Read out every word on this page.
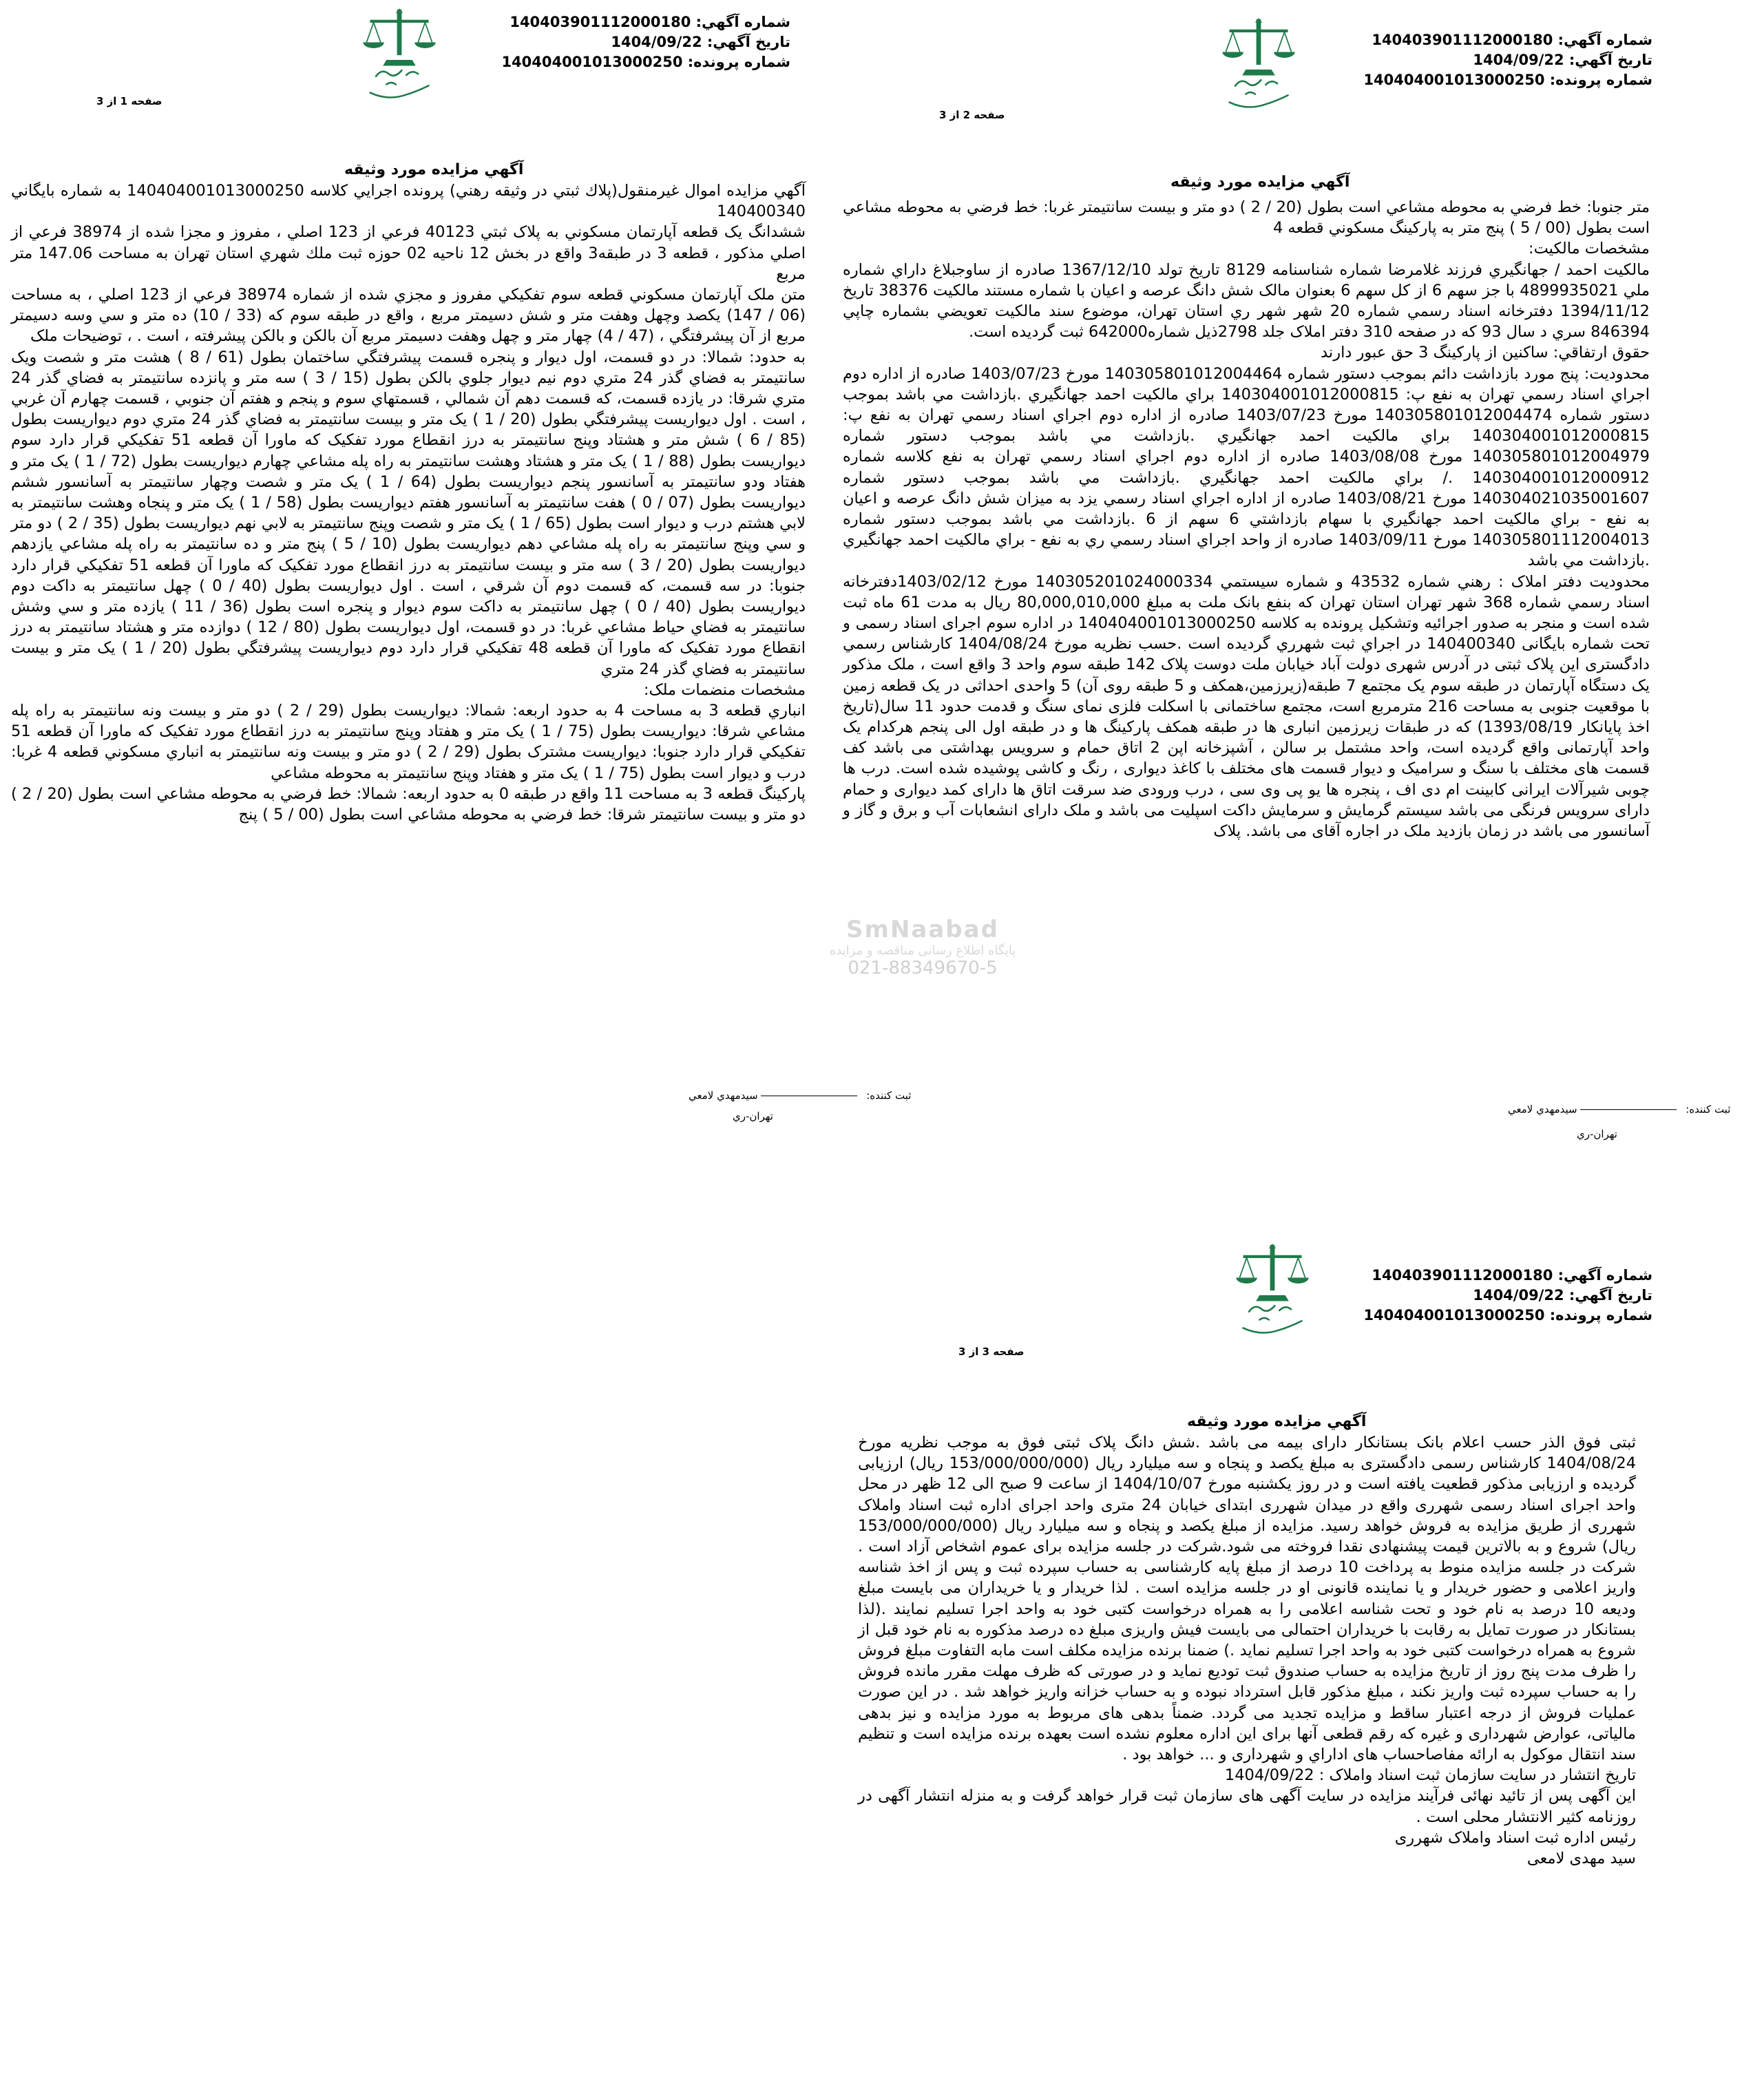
شماره آگهي: 140403901112000180
تاريخ آگهي: 1404/09/22
شماره پرونده: 140404001013000250
صفحه 1 از 3
آگهي مزايده مورد وثيقه

آگهي مزايده اموال غيرمنقول(پلاك ثبتي در وثيقه رهني) پرونده اجرايي كلاسه 140404001013000250 به شماره بايگاني 140400340

ششدانگ يک قطعه آپارتمان مسکوني به پلاک ثبتي 40123 فرعي از 123 اصلي ، مفروز و مجزا شده از 38974 فرعي از اصلي مذکور ، قطعه 3 در طبقه3 واقع در بخش 12 ناحيه 02 حوزه ثبت ملك شهري استان تهران به مساحت 147.06 متر مربع

متن ملک آپارتمان مسکوني قطعه سوم تفکيکي مفروز و مجزي شده از شماره 38974 فرعي از 123 اصلي ، به مساحت (06 / 147) يکصد وچهل وهفت متر و شش دسيمتر مربع ، واقع در طبقه سوم که (33 / 10) ده متر و سي وسه دسيمتر مربع از آن پيشرفتگي ، (47 / 4) چهار متر و چهل وهفت دسيمتر مربع آن بالکن و بالکن پيشرفته ، است . ، توضيحات ملک

به حدود: شمالا: در دو قسمت، اول ديوار و پنجره قسمت پيشرفتگي ساختمان بطول (61 / 8 ) هشت متر و شصت ويک سانتيمتر به فضاي گذر 24 متري دوم نيم ديوار جلوي بالکن بطول (15 / 3 ) سه متر و پانزده سانتيمتر به فضاي گذر 24 متري شرقا: در يازده قسمت، که قسمت دهم آن شمالي ، قسمتهاي سوم و پنجم و هفتم آن جنوبي ، قسمت چهارم آن غربي ، است . اول ديواريست پيشرفتگي بطول (20 / 1 ) يک متر و بيست سانتيمتر به فضاي گذر 24 متري دوم ديواريست بطول (85 / 6 ) شش متر و هشتاد وپنج سانتيمتر به درز انقطاع مورد تفکيک که ماورا آن قطعه 51 تفکيکي قرار دارد سوم ديواريست بطول (88 / 1 ) يک متر و هشتاد وهشت سانتيمتر به راه پله مشاعي چهارم ديواريست بطول (72 / 1 ) يک متر و هفتاد ودو سانتيمتر به آسانسور پنجم ديواريست بطول (64 / 1 ) يک متر و شصت وچهار سانتيمتر به آسانسور ششم ديواريست بطول (07 / 0 ) هفت سانتيمتر به آسانسور هفتم ديواريست بطول (58 / 1 ) يک متر و پنجاه وهشت سانتيمتر به لابي هشتم درب و ديوار است بطول (65 / 1 ) يک متر و شصت وپنج سانتيمتر به لابي نهم ديواريست بطول (35 / 2 ) دو متر و سي وپنج سانتيمتر به راه پله مشاعي دهم ديواريست بطول (10 / 5 ) پنج متر و ده سانتيمتر به راه پله مشاعي يازدهم ديواريست بطول (20 / 3 ) سه متر و بيست سانتيمتر به درز انقطاع مورد تفکيک که ماورا آن قطعه 51 تفکيکي قرار دارد جنوبا: در سه قسمت، که قسمت دوم آن شرقي ، است . اول ديواريست بطول (40 / 0 ) چهل سانتيمتر به داکت دوم ديواريست بطول (40 / 0 ) چهل سانتيمتر به داکت سوم ديوار و پنجره است بطول (36 / 11 ) يازده متر و سي وشش سانتيمتر به فضاي حياط مشاعي غربا: در دو قسمت، اول ديواريست بطول (80 / 12 ) دوازده متر و هشتاد سانتيمتر به درز انقطاع مورد تفکيک که ماورا آن قطعه 48 تفکيکي قرار دارد دوم ديواريست پيشرفتگي بطول (20 / 1 ) يک متر و بيست سانتيمتر به فضاي گذر 24 متري

مشخصات منضمات ملک:

انباري قطعه 3 به مساحت 4 به حدود اربعه: شمالا: ديواريست بطول (29 / 2 ) دو متر و بيست ونه سانتيمتر به راه پله مشاعي شرقا: ديواريست بطول (75 / 1 ) يک متر و هفتاد وپنج سانتيمتر به درز انقطاع مورد تفکيک که ماورا آن قطعه 51 تفکيکي قرار دارد جنوبا: ديواريست مشترک بطول (29 / 2 ) دو متر و بيست ونه سانتيمتر به انباري مسکوني قطعه 4 غربا: درب و ديوار است بطول (75 / 1 ) يک متر و هفتاد وپنج سانتيمتر به محوطه مشاعي

پارکينگ قطعه 3 به مساحت 11 واقع در طبقه 0 به حدود اربعه: شمالا: خط فرضي به محوطه مشاعي است بطول (20 / 2 ) دو متر و بيست سانتيمتر شرقا: خط فرضي به محوطه مشاعي است بطول (00 / 5 ) پنج

ثبت کننده:  سيدمهدي لامعي
تهران-ري
شماره آگهي: 140403901112000180
تاريخ آگهي: 1404/09/22
شماره پرونده: 140404001013000250
صفحه 2 از 3
آگهي مزايده مورد وثيقه

متر جنوبا: خط فرضي به محوطه مشاعي است بطول (20 / 2 ) دو متر و بيست سانتيمتر غربا: خط فرضي به محوطه مشاعي است بطول (00 / 5 ) پنج متر به پارکينگ مسکوني قطعه 4

مشخصات مالکيت:

مالکيت احمد / جهانگيري فرزند غلامرضا شماره شناسنامه 8129 تاريخ تولد 1367/12/10 صادره از ساوجبلاغ داراي شماره ملي 4899935021 با جز سهم 6 از کل سهم 6 بعنوان مالک شش دانگ عرصه و اعيان با شماره مستند مالکيت 38376 تاريخ 1394/11/12 دفترخانه اسناد رسمي شماره 20 شهر شهر ري استان تهران، موضوع سند مالکيت تعويضي بشماره چاپي 846394 سري د سال 93 که در صفحه 310 دفتر املاک جلد 2798ذيل شماره642000 ثبت گرديده است.

حقوق ارتفاقي: ساکنين از پارکينگ 3 حق عبور دارند

محدوديت: پنج مورد بازداشت دائم بموجب دستور شماره 140305801012004464 مورخ 1403/07/23 صادره از اداره دوم اجراي اسناد رسمي تهران به نفع پ: 140304001012000815 براي مالکيت احمد جهانگيري .بازداشت مي باشد بموجب دستور شماره 140305801012004474 مورخ 1403/07/23 صادره از اداره دوم اجراي اسناد رسمي تهران به نفع پ: 140304001012000815 براي مالکيت احمد جهانگيري .بازداشت مي باشد بموجب دستور شماره 140305801012004979 مورخ 1403/08/08 صادره از اداره دوم اجراي اسناد رسمي تهران به نفع کلاسه شماره 140304001012000912 ./ براي مالکيت احمد جهانگيري .بازداشت مي باشد بموجب دستور شماره 140304021035001607 مورخ 1403/08/21 صادره از اداره اجراي اسناد رسمي يزد به ميزان شش دانگ عرصه و اعيان به نفع - براي مالکيت احمد جهانگيري با سهام بازداشتي 6 سهم از 6 .بازداشت مي باشد بموجب دستور شماره 140305801112004013 مورخ 1403/09/11 صادره از واحد اجراي اسناد رسمي ري به نفع - براي مالکيت احمد جهانگيري .بازداشت مي باشد

محدوديت دفتر املاک : رهني شماره 43532 و شماره سيستمي 140305201024000334 مورخ 1403/02/12دفترخانه اسناد رسمي شماره 368 شهر تهران استان تهران که بنفع بانک ملت به مبلغ 80,000,010,000 ريال به مدت 61 ماه ثبت شده است و منجر به صدور اجرائيه وتشکيل پرونده به کلاسه 140404001013000250 در اداره سوم اجراى اسناد رسمى و تحت شماره بایگانى 140400340 در اجراي ثبت شهرري گرديده است .حسب نظريه مورخ 1404/08/24 کارشناس رسمي دادگستری این پلاک ثبتی در آدرس شهری دولت آباد خیابان ملت دوست پلاک 142 طبقه سوم واحد 3 واقع است ، ملک مذکور یک دستگاه آپارتمان در طبقه سوم یک مجتمع 7 طبقه(زیرزمین،همکف و 5 طبقه روی آن) 5 واحدی احداثی در یک قطعه زمین با موقعیت جنوبی به مساحت 216 مترمربع است، مجتمع ساختمانی با اسکلت فلزی نمای سنگ و قدمت حدود 11 سال(تاریخ اخذ پایانکار 1393/08/19) که در طبقات زیرزمین انباری ها در طبقه همکف پارکینگ ها و در طبقه اول الی پنجم هرکدام یک واحد آپارتمانی واقع گردیده است، واحد مشتمل بر سالن ، آشپزخانه اپن 2 اتاق حمام و سرویس بهداشتی می باشد کف قسمت های مختلف با سنگ و سرامیک و دیوار قسمت های مختلف با کاغذ دیواری ، رنگ و کاشی پوشیده شده است. درب ها چوبی شیرآلات ایرانی کابینت ام دی اف ، پنجره ها یو پی وی سی ، درب ورودی ضد سرقت اتاق ها دارای کمد دیواری و حمام دارای سرویس فرنگی می باشد سیستم گرمایش و سرمایش داکت اسپلیت می باشد و ملک دارای انشعابات آب و برق و گاز و آسانسور می باشد در زمان بازدید ملک در اجاره آقای می باشد. پلاک

ثبت کننده:  سيدمهدي لامعي
تهران-ري
SmNaabad
پایگاه اطلاع رسانی مناقصه و مزایده
021-88349670-5
شماره آگهي: 140403901112000180
تاريخ آگهي: 1404/09/22
شماره پرونده: 140404001013000250
صفحه 3 از 3
آگهي مزايده مورد وثيقه

ثبتی فوق الذر حسب اعلام بانک بستانکار دارای بیمه می باشد .شش دانگ پلاک ثبتی فوق به موجب نظریه مورخ 1404/08/24 کارشناس رسمی دادگستری به مبلغ یکصد و پنجاه و سه میلیارد ریال (153/000/000/000 ریال) ارزیابی گردیده و ارزیابی مذکور قطعیت یافته است و در روز یکشنبه مورخ 1404/10/07 از ساعت 9 صبح الی 12 ظهر در محل واحد اجرای اسناد رسمی شهرری واقع در میدان شهرری ابتدای خیابان 24 متری واحد اجرای اداره ثبت اسناد واملاک شهرری از طریق مزایده به فروش خواهد رسید. مزایده از مبلغ یکصد و پنجاه و سه میلیارد ریال (153/000/000/000 ریال) شروع و به بالاترین قیمت پیشنهادی نقدا فروخته می شود.شرکت در جلسه مزایده برای عموم اشخاص آزاد است . شرکت در جلسه مزایده منوط به پرداخت 10 درصد از مبلغ پایه کارشناسی به حساب سپرده ثبت و پس از اخذ شناسه واریز اعلامی و حضور خریدار و یا نماینده قانونی او در جلسه مزایده است . لذا خریدار و یا خریداران می بایست مبلغ ودیعه 10 درصد به نام خود و تحت شناسه اعلامی را به همراه درخواست کتبی خود به واحد اجرا تسلیم نمایند .(لذا بستانکار در صورت تمایل به رقابت با خریداران احتمالی می بایست فیش واریزی مبلغ ده درصد مذکوره به نام خود قبل از شروع به همراه درخواست کتبی خود به واحد اجرا تسلیم نماید .) ضمنا برنده مزایده مکلف است مابه التفاوت مبلغ فروش را ظرف مدت پنج روز از تاریخ مزایده به حساب صندوق ثبت تودیع نماید و در صورتی که ظرف مهلت مقرر مانده فروش را به حساب سپرده ثبت واریز نکند ، مبلغ مذکور قابل استرداد نبوده و به حساب خزانه واریز خواهد شد . در این صورت عملیات فروش از درجه اعتبار ساقط و مزایده تجدید می گردد. ضمناً بدهی های مربوط به مورد مزایده و نیز بدهی مالیاتی، عوارض شهرداری و غیره که رقم قطعی آنها برای این اداره معلوم نشده است بعهده برنده مزایده است و تنظیم سند انتقال موکول به ارائه مفاصاحساب های اداراي و شهرداری و ... خواهد بود .

تاریخ انتشار در سایت سازمان ثبت اسناد واملاک : 1404/09/22

این آگهی پس از تائید نهائی فرآیند مزایده در سایت آگهی های سازمان ثبت قرار خواهد گرفت و به منزله انتشار آگهی در روزنامه کثیر الانتشار محلی است .

رئیس اداره ثبت اسناد واملاک شهرری

سید مهدی لامعی
